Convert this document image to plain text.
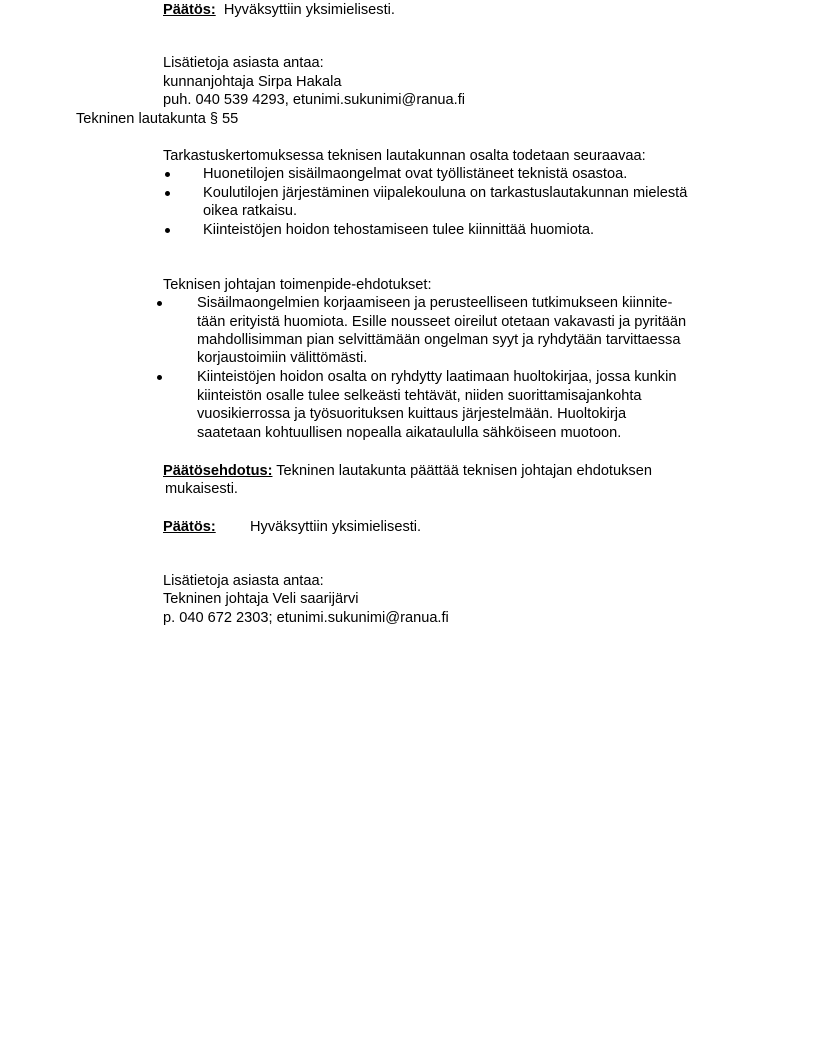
Päätös: Hyväksyttiin yksimielisesti.
Lisätietoja asiasta antaa:
kunnanjohtaja Sirpa Hakala
puh. 040 539 4293, etunimi.sukunimi@ranua.fi
Tekninen lautakunta § 55
Tarkastuskertomuksessa teknisen lautakunnan osalta todetaan seuraavaa:
Huonetilojen sisäilmaongelmat ovat työllistäneet teknistä osastoa.
Koulutilojen järjestäminen viipalekouluna on tarkastuslautakunnan mielestä
oikea ratkaisu.
Kiinteistöjen hoidon tehostamiseen tulee kiinnittää huomiota.
Teknisen johtajan toimenpide-ehdotukset:
Sisäilmaongelmien korjaamiseen ja perusteelliseen tutkimukseen kiinnite-
tään erityistä huomiota. Esille nousseet oireilut otetaan vakavasti ja pyritään
mahdollisimman pian selvittämään ongelman syyt ja ryhdytään tarvittaessa
korjaustoimiin välittömästi.
Kiinteistöjen hoidon osalta on ryhdytty laatimaan huoltokirjaa, jossa kunkin
kiinteistön osalle tulee selkeästi tehtävät, niiden suorittamisajankohta
vuosikierrossa ja työsuorituksen kuittaus järjestelmään. Huoltokirja
saatetaan kohtuullisen nopealla aikataululla sähköiseen muotoon.
Päätösehdotus: Tekninen lautakunta päättää teknisen johtajan ehdotuksen
mukaisesti.
Päätös: Hyväksyttiin yksimielisesti.
Lisätietoja asiasta antaa:
Tekninen johtaja Veli saarijärvi
p. 040 672 2303; etunimi.sukunimi@ranua.fi
